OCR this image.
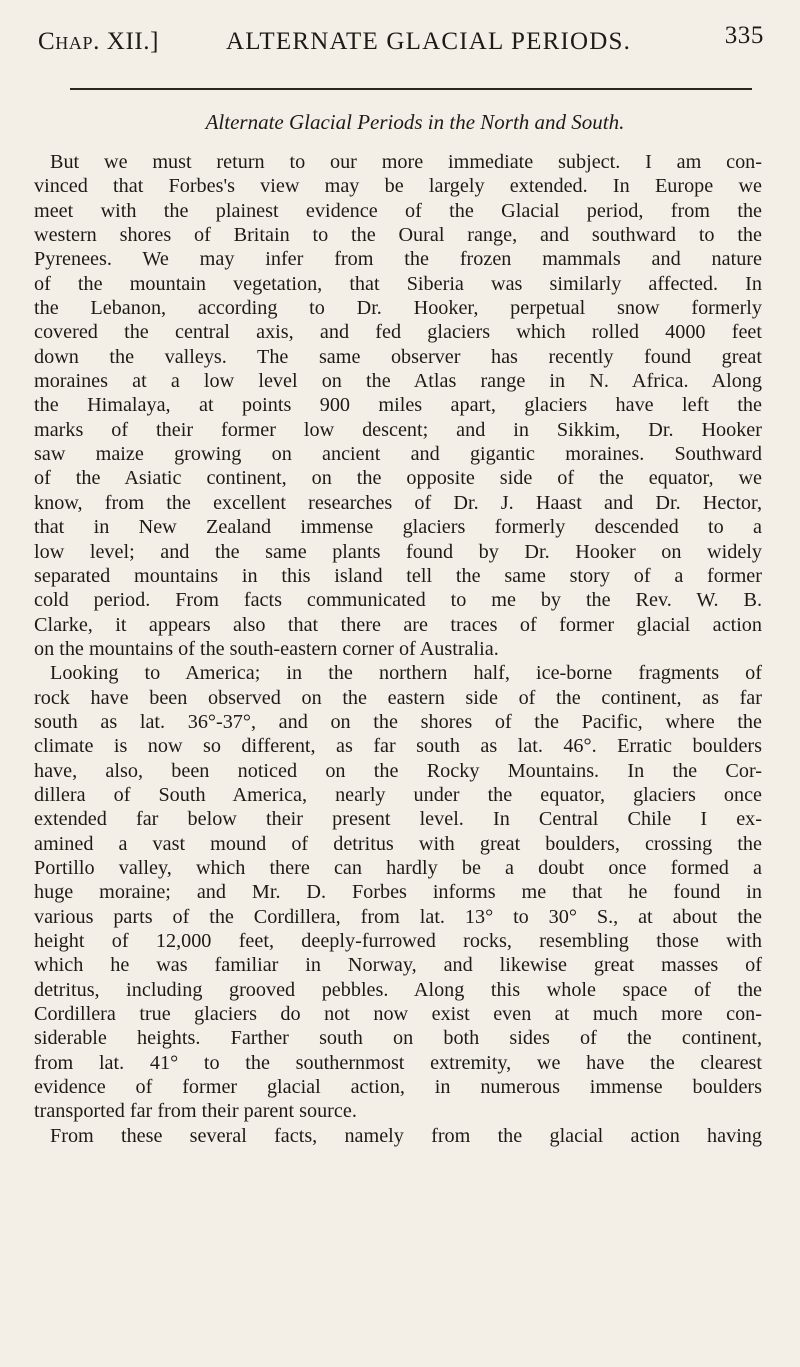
Chap. XII.]	ALTERNATE GLACIAL PERIODS.	335
Alternate Glacial Periods in the North and South.
But we must return to our more immediate subject. I am con-
vinced that Forbes's view may be largely extended. In Europe we
meet with the plainest evidence of the Glacial period, from the
western shores of Britain to the Oural range, and southward to the
Pyrenees. We may infer from the frozen mammals and nature
of the mountain vegetation, that Siberia was similarly affected. In
the Lebanon, according to Dr. Hooker, perpetual snow formerly
covered the central axis, and fed glaciers which rolled 4000 feet
down the valleys. The same observer has recently found great
moraines at a low level on the Atlas range in N. Africa. Along
the Himalaya, at points 900 miles apart, glaciers have left the
marks of their former low descent; and in Sikkim, Dr. Hooker
saw maize growing on ancient and gigantic moraines. Southward
of the Asiatic continent, on the opposite side of the equator, we
know, from the excellent researches of Dr. J. Haast and Dr. Hector,
that in New Zealand immense glaciers formerly descended to a
low level; and the same plants found by Dr. Hooker on widely
separated mountains in this island tell the same story of a former
cold period. From facts communicated to me by the Rev. W. B.
Clarke, it appears also that there are traces of former glacial action
on the mountains of the south-eastern corner of Australia.
Looking to America; in the northern half, ice-borne fragments of
rock have been observed on the eastern side of the continent, as far
south as lat. 36°-37°, and on the shores of the Pacific, where the
climate is now so different, as far south as lat. 46°. Erratic boulders
have, also, been noticed on the Rocky Mountains. In the Cor-
dillera of South America, nearly under the equator, glaciers once
extended far below their present level. In Central Chile I ex-
amined a vast mound of detritus with great boulders, crossing the
Portillo valley, which there can hardly be a doubt once formed a
huge moraine; and Mr. D. Forbes informs me that he found in
various parts of the Cordillera, from lat. 13° to 30° S., at about the
height of 12,000 feet, deeply-furrowed rocks, resembling those with
which he was familiar in Norway, and likewise great masses of
detritus, including grooved pebbles. Along this whole space of the
Cordillera true glaciers do not now exist even at much more con-
siderable heights. Farther south on both sides of the continent,
from lat. 41° to the southernmost extremity, we have the clearest
evidence of former glacial action, in numerous immense boulders
transported far from their parent source.
From these several facts, namely from the glacial action having
